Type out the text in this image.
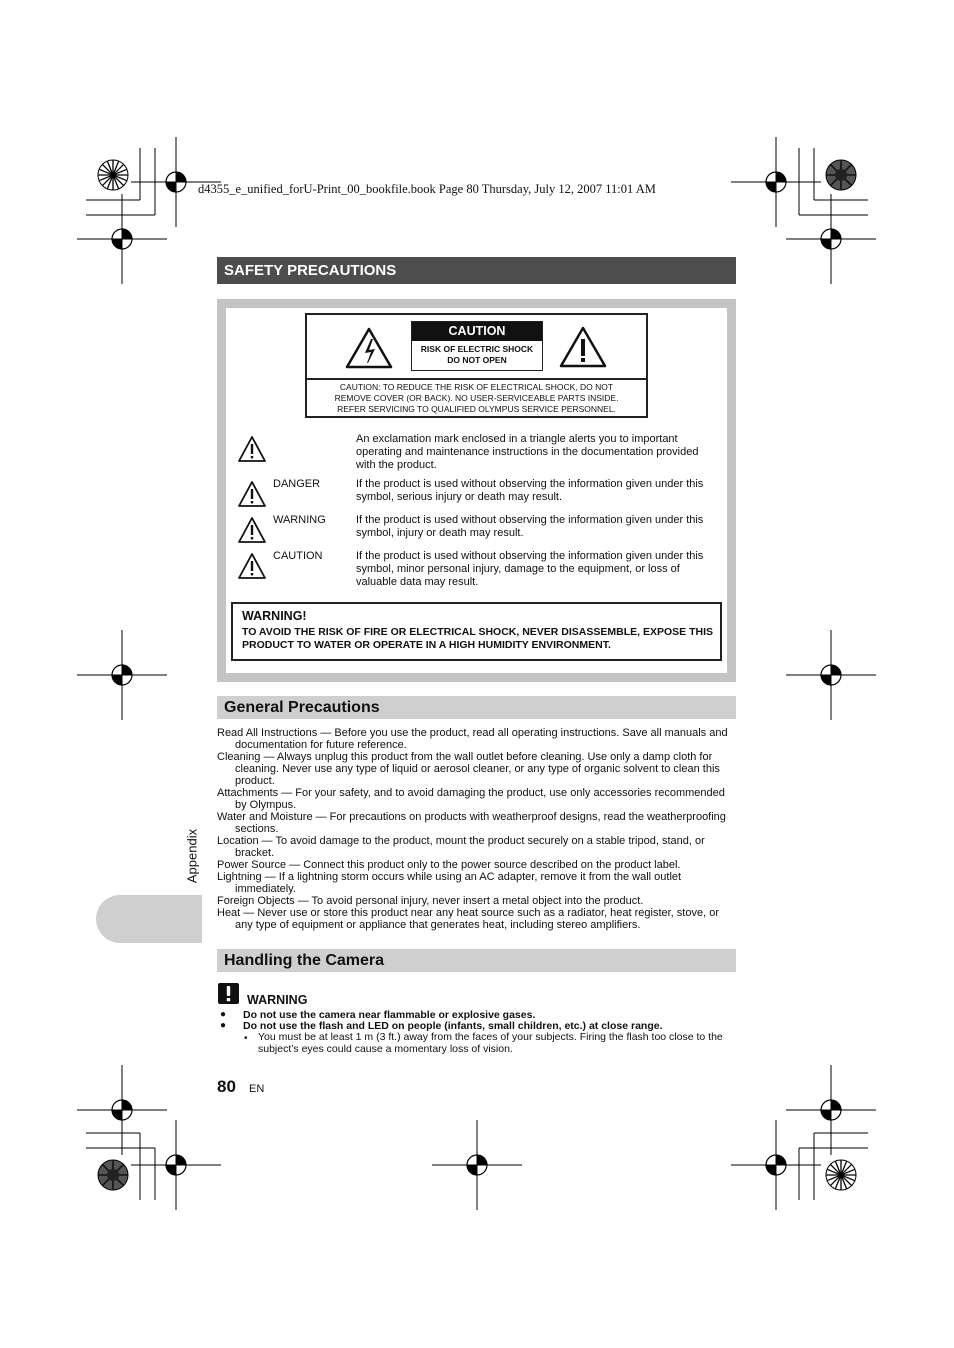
d4355_e_unified_forU-Print_00_bookfile.book Page 80 Thursday, July 12, 2007 11:01 AM
SAFETY PRECAUTIONS
CAUTION
RISK OF ELECTRIC SHOCK
DO NOT OPEN
CAUTION: TO REDUCE THE RISK OF ELECTRICAL SHOCK, DO NOT
REMOVE COVER (OR BACK). NO USER-SERVICEABLE PARTS INSIDE.
REFER SERVICING TO QUALIFIED OLYMPUS SERVICE PERSONNEL.
An exclamation mark enclosed in a triangle alerts you to important operating and maintenance instructions in the documentation provided with the product.
DANGER	If the product is used without observing the information given under this symbol, serious injury or death may result.
WARNING	If the product is used without observing the information given under this symbol, injury or death may result.
CAUTION	If the product is used without observing the information given under this symbol, minor personal injury, damage to the equipment, or loss of valuable data may result.
WARNING!
TO AVOID THE RISK OF FIRE OR ELECTRICAL SHOCK, NEVER DISASSEMBLE, EXPOSE THIS PRODUCT TO WATER OR OPERATE IN A HIGH HUMIDITY ENVIRONMENT.
General Precautions

Read All Instructions — Before you use the product, read all operating instructions. Save all manuals and documentation for future reference.

Cleaning — Always unplug this product from the wall outlet before cleaning. Use only a damp cloth for cleaning. Never use any type of liquid or aerosol cleaner, or any type of organic solvent to clean this product.

Attachments — For your safety, and to avoid damaging the product, use only accessories recommended by Olympus.

Water and Moisture — For precautions on products with weatherproof designs, read the weatherproofing sections.

Location — To avoid damage to the product, mount the product securely on a stable tripod, stand, or bracket.

Power Source — Connect this product only to the power source described on the product label.

Lightning — If a lightning storm occurs while using an AC adapter, remove it from the wall outlet immediately.

Foreign Objects — To avoid personal injury, never insert a metal object into the product.

Heat — Never use or store this product near any heat source such as a radiator, heat register, stove, or any type of equipment or appliance that generates heat, including stereo amplifiers.

Appendix
Handling the Camera
WARNING
● Do not use the camera near flammable or explosive gases.
● Do not use the flash and LED on people (infants, small children, etc.) at close range.
• You must be at least 1 m (3 ft.) away from the faces of your subjects. Firing the flash too close to the subject’s eyes could cause a momentary loss of vision.
80 EN
